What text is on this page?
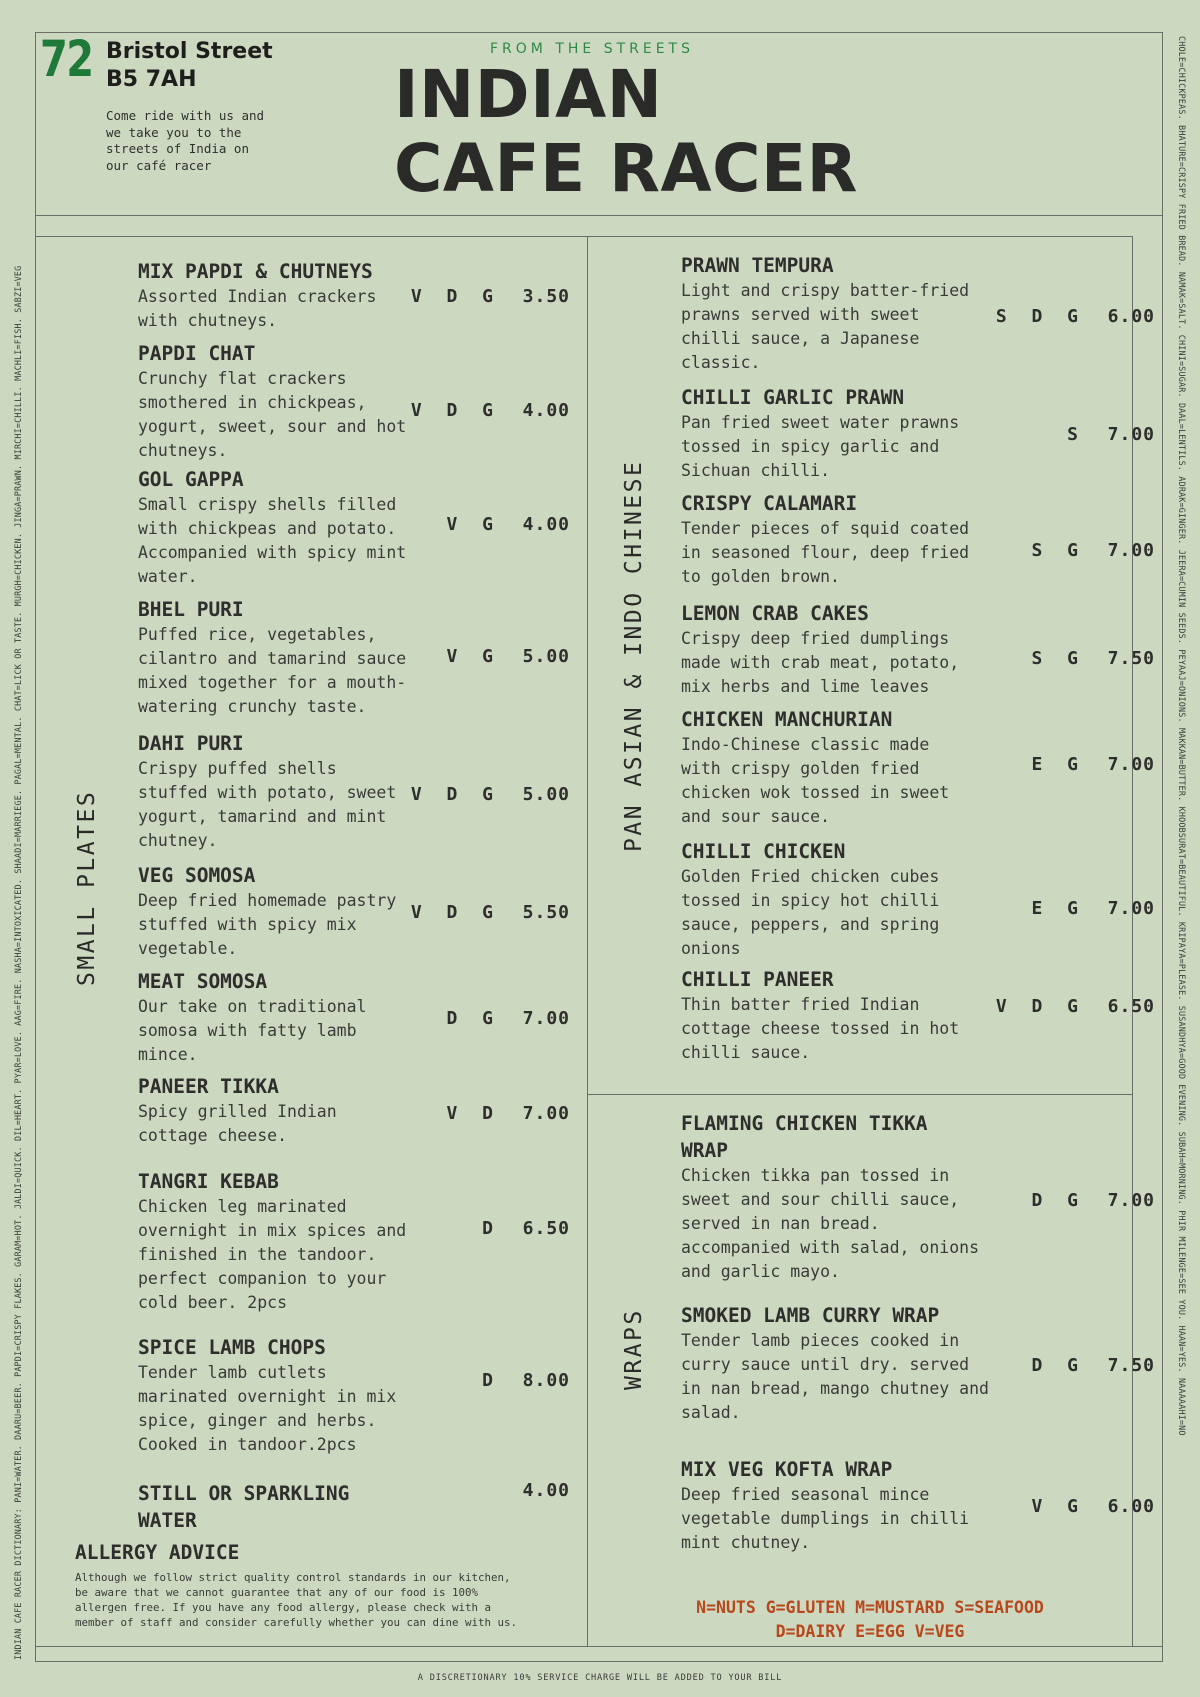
INDIAN CAFE RACER DICTIONARY: PANI=WATER. DAARU=BEER. PAPDI=CRISPY FLAKES. GARAM=HOT. JALDI=QUICK. DIL=HEART. PYAR=LOVE. AAG=FIRE. NASHA=INTOXICATED. SHAADI=MARRIEGE. PAGAL=MENTAL. CHAT=LICK OR TASTE. MURGH=CHICKEN. JINGA=PRAWN. MIRCHI=CHILLI. MACHLI=FISH. SABZI=VEG	CHOLE=CHICKPEAS. BHATURE=CRISPY FRIED BREAD. NAMAK=SALT. CHINI=SUGAR. DAAL=LENTILS. ADRAK=GINGER. JEERA=CUMIN SEEDS. PEYAAJ=ONIONS. MAKKAN=BUTTER. KHOOBSURAT=BEAUTIFUL. KRIPAYA=PLEASE. SUSANDHYA=GOOD EVENING. SUBAH=MORNING. PHIR MILENGE=SEE YOU. HAAN=YES. NAAAAAHI=NO
72 Bristol Street
B5 7AH
Come ride with us and
we take you to the
streets of India on
our café racer
FROM THE STREETS
INDIAN
CAFE RACER
SMALL PLATES
PAN ASIAN & INDO CHINESE
WRAPS
MIX PAPDI & CHUTNEYS
Assorted Indian crackers
with chutneys.
V D G 3.50
PAPDI CHAT
Crunchy flat crackers
smothered in chickpeas,
yogurt, sweet, sour and hot
chutneys.
V D G 4.00
GOL GAPPA
Small crispy shells filled
with chickpeas and potato.
Accompanied with spicy mint
water.
V G 4.00
BHEL PURI
Puffed rice, vegetables,
cilantro and tamarind sauce
mixed together for a mouth-
watering crunchy taste.
V G 5.00
DAHI PURI
Crispy puffed shells
stuffed with potato, sweet
yogurt, tamarind and mint
chutney.
V D G 5.00
VEG SOMOSA
Deep fried homemade pastry
stuffed with spicy mix
vegetable.
V D G 5.50
MEAT SOMOSA
Our take on traditional
somosa with fatty lamb
mince.
D G 7.00
PANEER TIKKA
Spicy grilled Indian
cottage cheese.
V D 7.00
TANGRI KEBAB
Chicken leg marinated
overnight in mix spices and
finished in the tandoor.
perfect companion to your
cold beer. 2pcs
D 6.50
SPICE LAMB CHOPS
Tender lamb cutlets
marinated overnight in mix
spice, ginger and herbs.
Cooked in tandoor.2pcs
D 8.00
STILL OR SPARKLING
WATER
4.00
PRAWN TEMPURA
Light and crispy batter-fried
prawns served with sweet
chilli sauce, a Japanese
classic.
S D G 6.00
CHILLI GARLIC PRAWN
Pan fried sweet water prawns
tossed in spicy garlic and
Sichuan chilli.
S 7.00
CRISPY CALAMARI
Tender pieces of squid coated
in seasoned flour, deep fried
to golden brown.
S G 7.00
LEMON CRAB CAKES
Crispy deep fried dumplings
made with crab meat, potato,
mix herbs and lime leaves
S G 7.50
CHICKEN MANCHURIAN
Indo-Chinese classic made
with crispy golden fried
chicken wok tossed in sweet
and sour sauce.
E G 7.00
CHILLI CHICKEN
Golden Fried chicken cubes
tossed in spicy hot chilli
sauce, peppers, and spring
onions
E G 7.00
CHILLI PANEER
Thin batter fried Indian
cottage cheese tossed in hot
chilli sauce.
V D G 6.50
FLAMING CHICKEN TIKKA
WRAP
Chicken tikka pan tossed in
sweet and sour chilli sauce,
served in nan bread.
accompanied with salad, onions
and garlic mayo.
D G 7.00
SMOKED LAMB CURRY WRAP
Tender lamb pieces cooked in
curry sauce until dry. served
in nan bread, mango chutney and
salad.
D G 7.50
MIX VEG KOFTA WRAP
Deep fried seasonal mince
vegetable dumplings in chilli
mint chutney.
V G 6.00
ALLERGY ADVICE
Although we follow strict quality control standards in our kitchen,
be aware that we cannot guarantee that any of our food is 100%
allergen free. If you have any food allergy, please check with a
member of staff and consider carefully whether you can dine with us.
N=NUTS G=GLUTEN M=MUSTARD S=SEAFOOD
D=DAIRY E=EGG V=VEG
A DISCRETIONARY 10% SERVICE CHARGE WILL BE ADDED TO YOUR BILL
